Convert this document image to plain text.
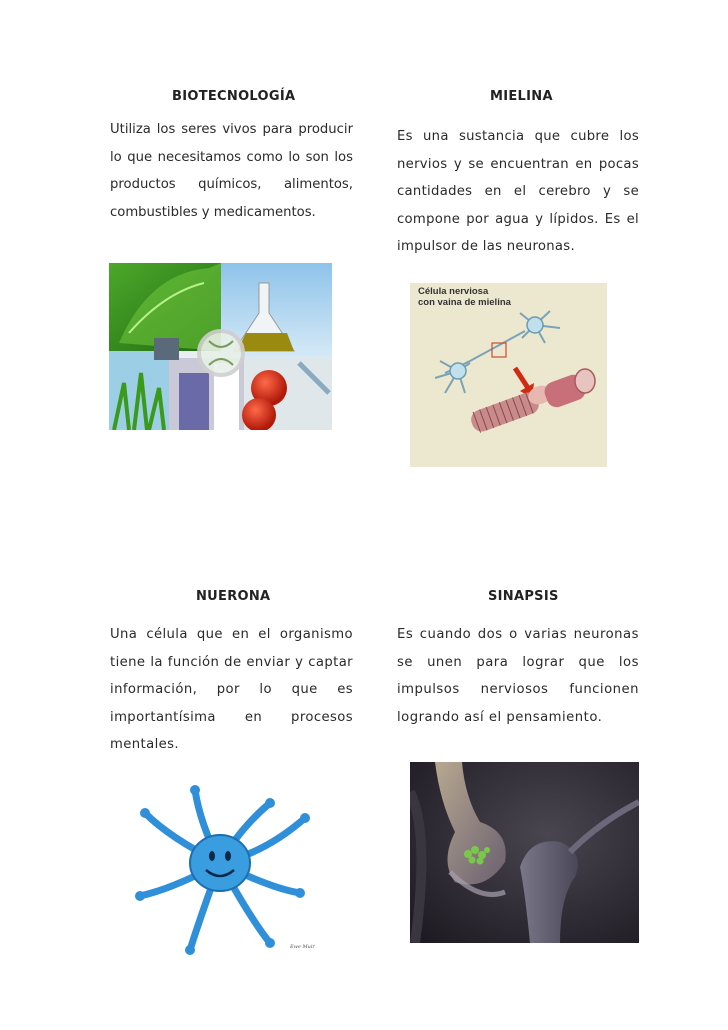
BIOTECNOLOGÍA
Utiliza los seres vivos para producir lo que necesitamos como lo son los productos químicos, alimentos, combustibles y medicamentos.
MIELINA
Es una sustancia que cubre los nervios y se encuentran en pocas cantidades en el cerebro y se compone por agua y lípidos. Es el impulsor de las neuronas.
Célula nerviosa
con vaina de mielina
NUERONA
Una célula que en el organismo tiene la función de enviar y captar información, por lo que es importantísima en procesos mentales.
Ewe Muir
SINAPSIS
Es cuando dos o varias neuronas se unen para lograr que los impulsos nerviosos funcionen logrando así el pensamiento.
